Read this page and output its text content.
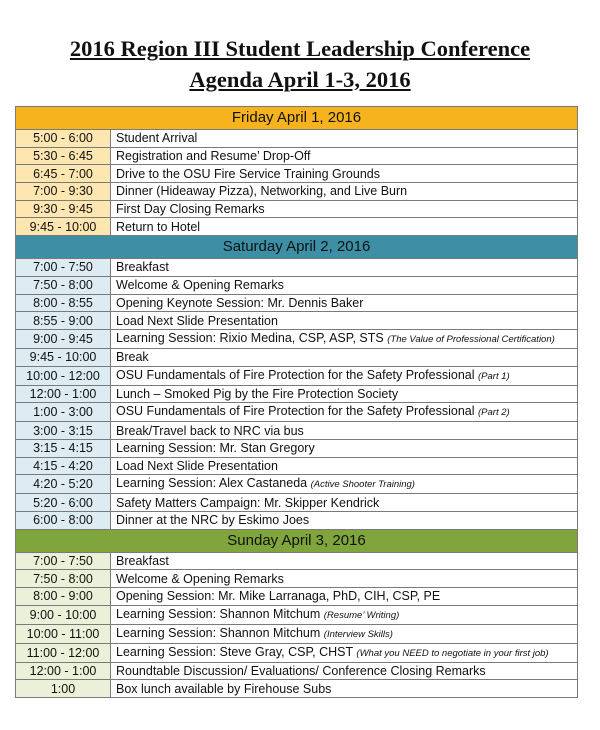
2016 Region III Student Leadership Conference
Agenda April 1-3, 2016
Friday April 1, 2016	
5:00 - 6:00	Student Arrival
5:30 - 6:45	Registration and Resume’ Drop-Off
6:45 - 7:00	Drive to the OSU Fire Service Training Grounds
7:00 - 9:30	Dinner (Hideaway Pizza), Networking, and Live Burn
9:30 - 9:45	First Day Closing Remarks
9:45 - 10:00	Return to Hotel
Saturday April 2, 2016	
7:00 - 7:50	Breakfast
7:50 - 8:00	Welcome & Opening Remarks
8:00 - 8:55	Opening Keynote Session: Mr. Dennis Baker
8:55 - 9:00	Load Next Slide Presentation
9:00 - 9:45	Learning Session: Rixio Medina, CSP, ASP, STS (The Value of Professional Certification)
9:45 - 10:00	Break
10:00 - 12:00	OSU Fundamentals of Fire Protection for the Safety Professional (Part 1)
12:00 - 1:00	Lunch – Smoked Pig by the Fire Protection Society
1:00 - 3:00	OSU Fundamentals of Fire Protection for the Safety Professional (Part 2)
3:00 - 3:15	Break/Travel back to NRC via bus
3:15 - 4:15	Learning Session: Mr. Stan Gregory
4:15 - 4:20	Load Next Slide Presentation
4:20 - 5:20	Learning Session: Alex Castaneda (Active Shooter Training)
5:20 - 6:00	Safety Matters Campaign: Mr. Skipper Kendrick
6:00 - 8:00	Dinner at the NRC by Eskimo Joes
Sunday April 3, 2016	
7:00 - 7:50	Breakfast
7:50 - 8:00	Welcome & Opening Remarks
8:00 - 9:00	Opening Session: Mr. Mike Larranaga, PhD, CIH, CSP, PE
9:00 - 10:00	Learning Session: Shannon Mitchum (Resume’ Writing)
10:00 - 11:00	Learning Session: Shannon Mitchum (Interview Skills)
11:00 - 12:00	Learning Session: Steve Gray, CSP, CHST (What you NEED to negotiate in your first job)
12:00 - 1:00	Roundtable Discussion/ Evaluations/ Conference Closing Remarks
1:00	Box lunch available by Firehouse Subs
